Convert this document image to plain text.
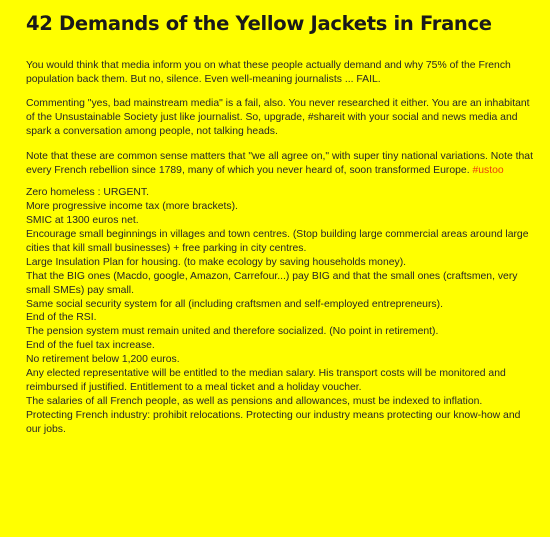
42 Demands of the Yellow Jackets in France

You would think that media inform you on what these people actually demand and why 75% of the French population back them. But no, silence. Even well-meaning journalists ... FAIL.

Commenting "yes, bad mainstream media" is a fail, also. You never researched it either. You are an inhabitant of the Unsustainable Society just like journalist. So, upgrade, #shareit with your social and news media and spark a conversation among people, not talking heads.

Note that these are common sense matters that "we all agree on," with super tiny national variations. Note that every French rebellion since 1789, many of which you never heard of, soon transformed Europe. #ustoo

Zero homeless : URGENT.
More progressive income tax (more brackets).
SMIC at 1300 euros net.
Encourage small beginnings in villages and town centres. (Stop building large commercial areas around large cities that kill small businesses) + free parking in city centres.
Large Insulation Plan for housing. (to make ecology by saving households money).
That the BIG ones (Macdo, google, Amazon, Carrefour...) pay BIG and that the small ones (craftsmen, very small SMEs) pay small.
Same social security system for all (including craftsmen and self-employed entrepreneurs).
End of the RSI.
The pension system must remain united and therefore socialized. (No point in retirement).
End of the fuel tax increase.
No retirement below 1,200 euros.
Any elected representative will be entitled to the median salary. His transport costs will be monitored and reimbursed if justified. Entitlement to a meal ticket and a holiday voucher.
The salaries of all French people, as well as pensions and allowances, must be indexed to inflation.
Protecting French industry: prohibit relocations. Protecting our industry means protecting our know-how and our jobs.
